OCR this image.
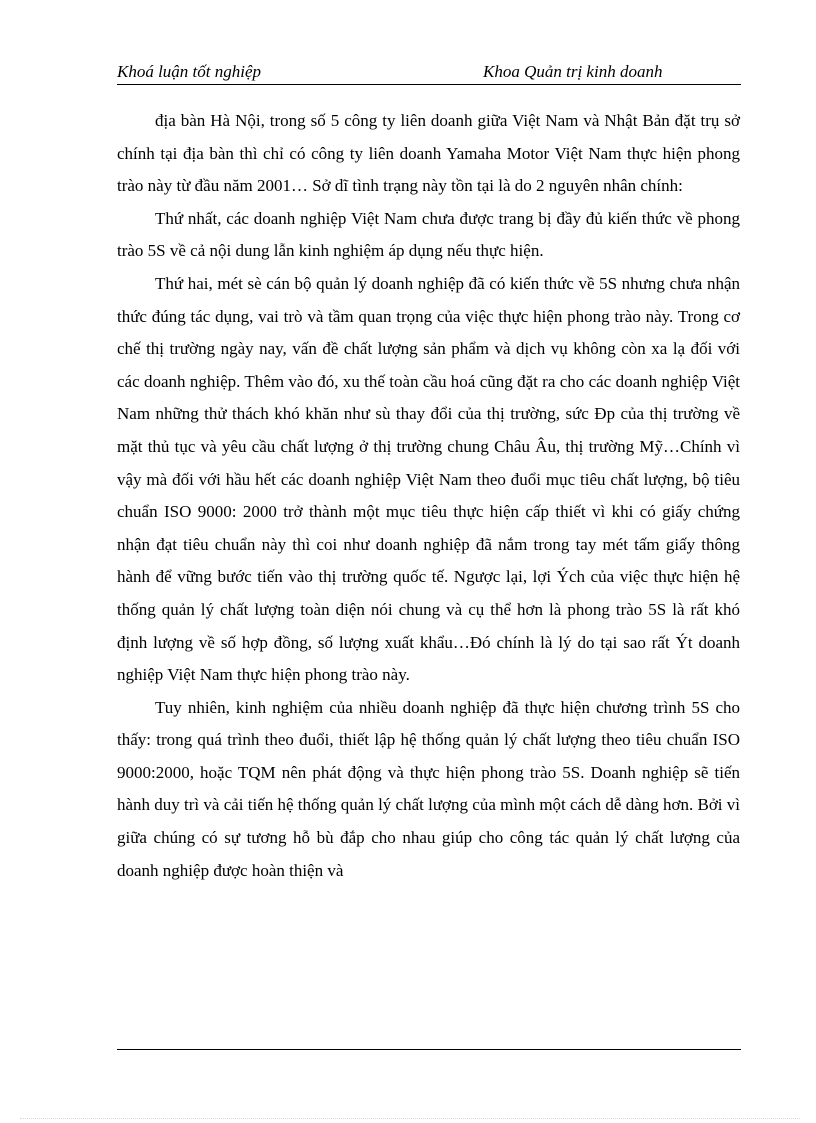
Khoá luận tốt nghiệp	Khoa Quản trị kinh doanh

địa bàn Hà Nội, trong số 5 công ty liên doanh giữa Việt Nam và Nhật Bản đặt trụ sở chính tại địa bàn thì chỉ có công ty liên doanh Yamaha Motor Việt Nam thực hiện phong trào này từ đầu năm 2001… Sở dĩ tình trạng này tồn tại là do 2 nguyên nhân chính:

Thứ nhất, các doanh nghiệp Việt Nam chưa được trang bị đầy đủ kiến thức về phong trào 5S về cả nội dung lẫn kinh nghiệm áp dụng nếu thực hiện.

Thứ hai, mét sè cán bộ quản lý doanh nghiệp đã có kiến thức về 5S nhưng chưa nhận thức đúng tác dụng, vai trò và tầm quan trọng của việc thực hiện phong trào này. Trong cơ chế thị trường ngày nay, vấn đề chất lượng sản phẩm và dịch vụ không còn xa lạ đối với các doanh nghiệp. Thêm vào đó, xu thế toàn cầu hoá cũng đặt ra cho các doanh nghiệp Việt Nam những thử thách khó khăn như sù thay đổi của thị trường, sức Ðp của thị trường về mặt thủ tục và yêu cầu chất lượng ở thị trường chung Châu Âu, thị trường Mỹ…Chính vì vậy mà đối với hầu hết các doanh nghiệp Việt Nam theo đuổi mục tiêu chất lượng, bộ tiêu chuẩn ISO 9000: 2000 trở thành một mục tiêu thực hiện cấp thiết vì khi có giấy chứng nhận đạt tiêu chuẩn này thì coi như doanh nghiệp đã nắm trong tay mét tấm giấy thông hành để vững bước tiến vào thị trường quốc tế. Ngược lại, lợi Ých của việc thực hiện hệ thống quản lý chất lượng toàn diện nói chung và cụ thể hơn là phong trào 5S là rất khó định lượng về số hợp đồng, số lượng xuất khẩu…Đó chính là lý do tại sao rất Ýt doanh nghiệp Việt Nam thực hiện phong trào này.

Tuy nhiên, kinh nghiệm của nhiều doanh nghiệp đã thực hiện chương trình 5S cho thấy: trong quá trình theo đuổi, thiết lập hệ thống quản lý chất lượng theo tiêu chuẩn ISO 9000:2000, hoặc TQM nên phát động và thực hiện phong trào 5S. Doanh nghiệp sẽ tiến hành duy trì và cải tiến hệ thống quản lý chất lượng của mình một cách dễ dàng hơn. Bởi vì giữa chúng có sự tương hỗ bù đắp cho nhau giúp cho công tác quản lý chất lượng của doanh nghiệp được hoàn thiện và
